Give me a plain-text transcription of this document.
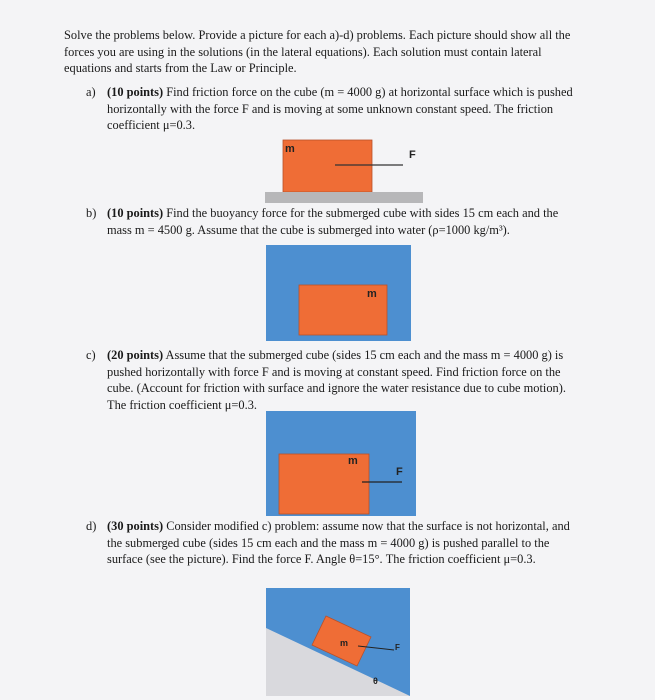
Solve the problems below. Provide a picture for each a)-d) problems. Each picture should show all the forces you are using in the solutions (in the lateral equations). Each solution must contain lateral equations and starts from the Law or Principle.
a) (10 points) Find friction force on the cube (m = 4000 g) at horizontal surface which is pushed horizontally with the force F and is moving at some unknown constant speed. The friction coefficient μ=0.3.
m	F
b) (10 points) Find the buoyancy force for the submerged cube with sides 15 cm each and the mass m = 4500 g. Assume that the cube is submerged into water (ρ=1000 kg/m³).
m
c) (20 points) Assume that the submerged cube (sides 15 cm each and the mass m = 4000 g) is pushed horizontally with force F and is moving at constant speed. Find friction force on the cube. (Account for friction with surface and ignore the water resistance due to cube motion). The friction coefficient μ=0.3.
m
F
d) (30 points) Consider modified c) problem: assume now that the surface is not horizontal, and the submerged cube (sides 15 cm each and the mass m = 4000 g) is pushed parallel to the surface (see the picture). Find the force F. Angle θ=15°. The friction coefficient μ=0.3.
m	F
θ
